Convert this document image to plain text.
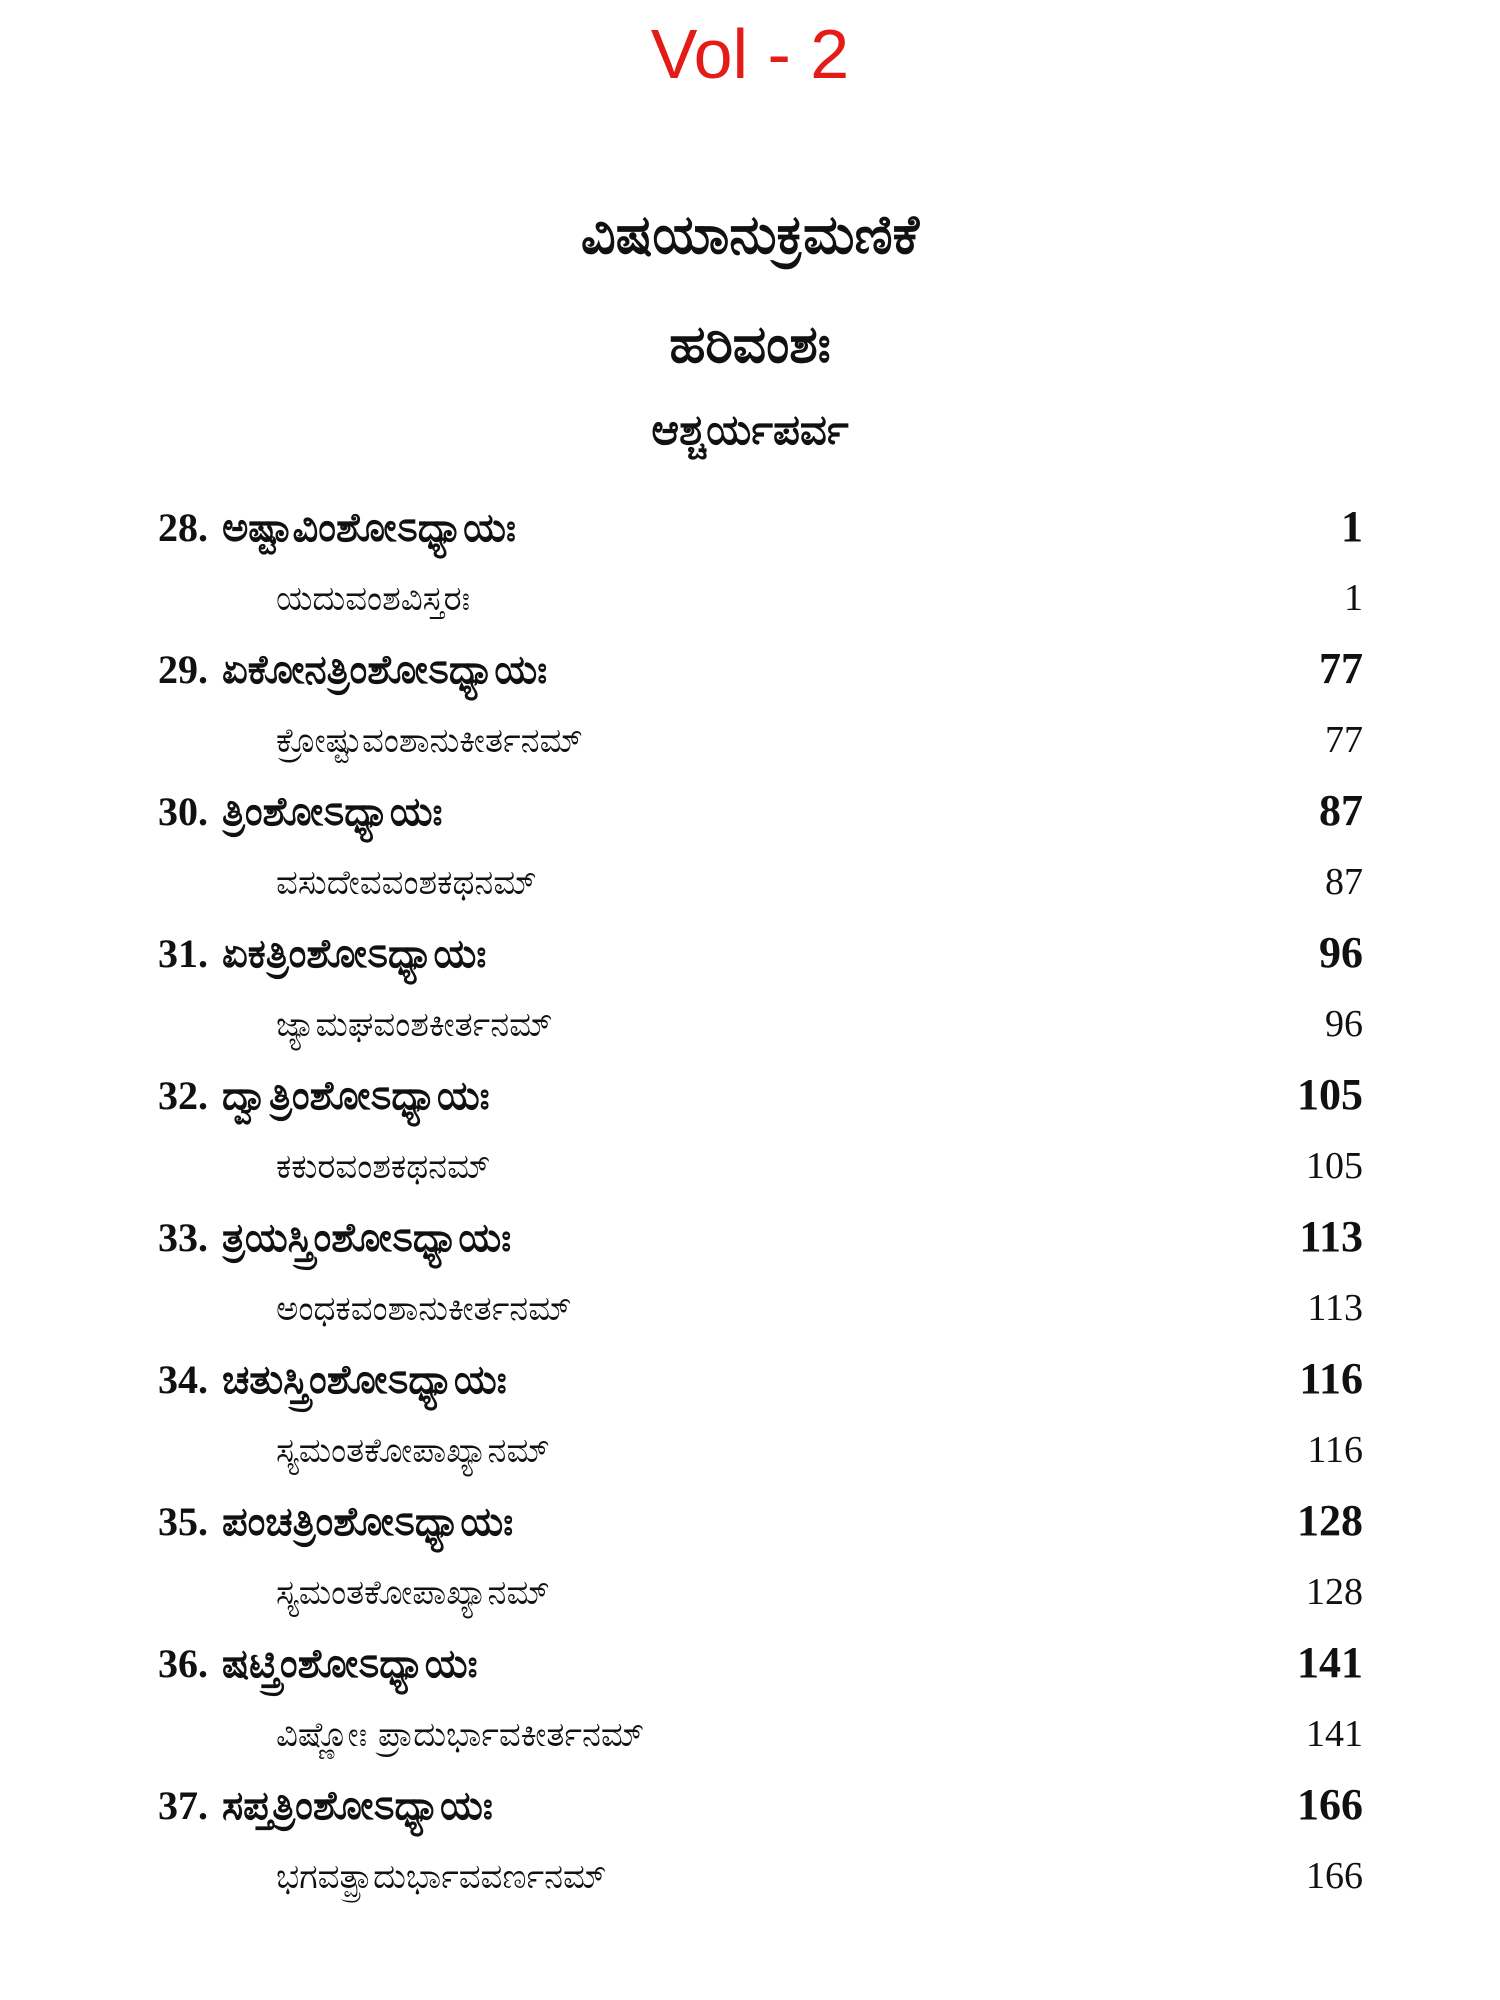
Vol - 2
ವಿಷಯಾನುಕ್ರಮಣಿಕೆ
ಹರಿವಂಶಃ
ಆಶ್ಚರ್ಯಪರ್ವ
28. ಅಷ್ಟಾವಿಂಶೋಽಧ್ಯಾಯಃ	1
ಯದುವಂಶವಿಸ್ತರಃ	1
29. ಏಕೋನತ್ರಿಂಶೋಽಧ್ಯಾಯಃ	77
ಕ್ರೋಷ್ಟುವಂಶಾನುಕೀರ್ತನಮ್	77
30. ತ್ರಿಂಶೋಽಧ್ಯಾಯಃ	87
ವಸುದೇವವಂಶಕಥನಮ್	87
31. ಏಕತ್ರಿಂಶೋಽಧ್ಯಾಯಃ	96
ಜ್ಯಾಮಘವಂಶಕೀರ್ತನಮ್	96
32. ದ್ವಾತ್ರಿಂಶೋಽಧ್ಯಾಯಃ	105
ಕಕುರವಂಶಕಥನಮ್	105
33. ತ್ರಯಸ್ತ್ರಿಂಶೋಽಧ್ಯಾಯಃ	113
ಅಂಧಕವಂಶಾನುಕೀರ್ತನಮ್	113
34. ಚತುಸ್ತ್ರಿಂಶೋಽಧ್ಯಾಯಃ	116
ಸ್ಯಮಂತಕೋಪಾಖ್ಯಾನಮ್	116
35. ಪಂಚತ್ರಿಂಶೋಽಧ್ಯಾಯಃ	128
ಸ್ಯಮಂತಕೋಪಾಖ್ಯಾನಮ್	128
36. ಷಟ್ತ್ರಿಂಶೋಽಧ್ಯಾಯಃ	141
ವಿಷ್ಣೋಃ ಪ್ರಾದುರ್ಭಾವಕೀರ್ತನಮ್	141
37. ಸಪ್ತತ್ರಿಂಶೋಽಧ್ಯಾಯಃ	166
ಭಗವತ್ಪ್ರಾದುರ್ಭಾವವರ್ಣನಮ್	166
